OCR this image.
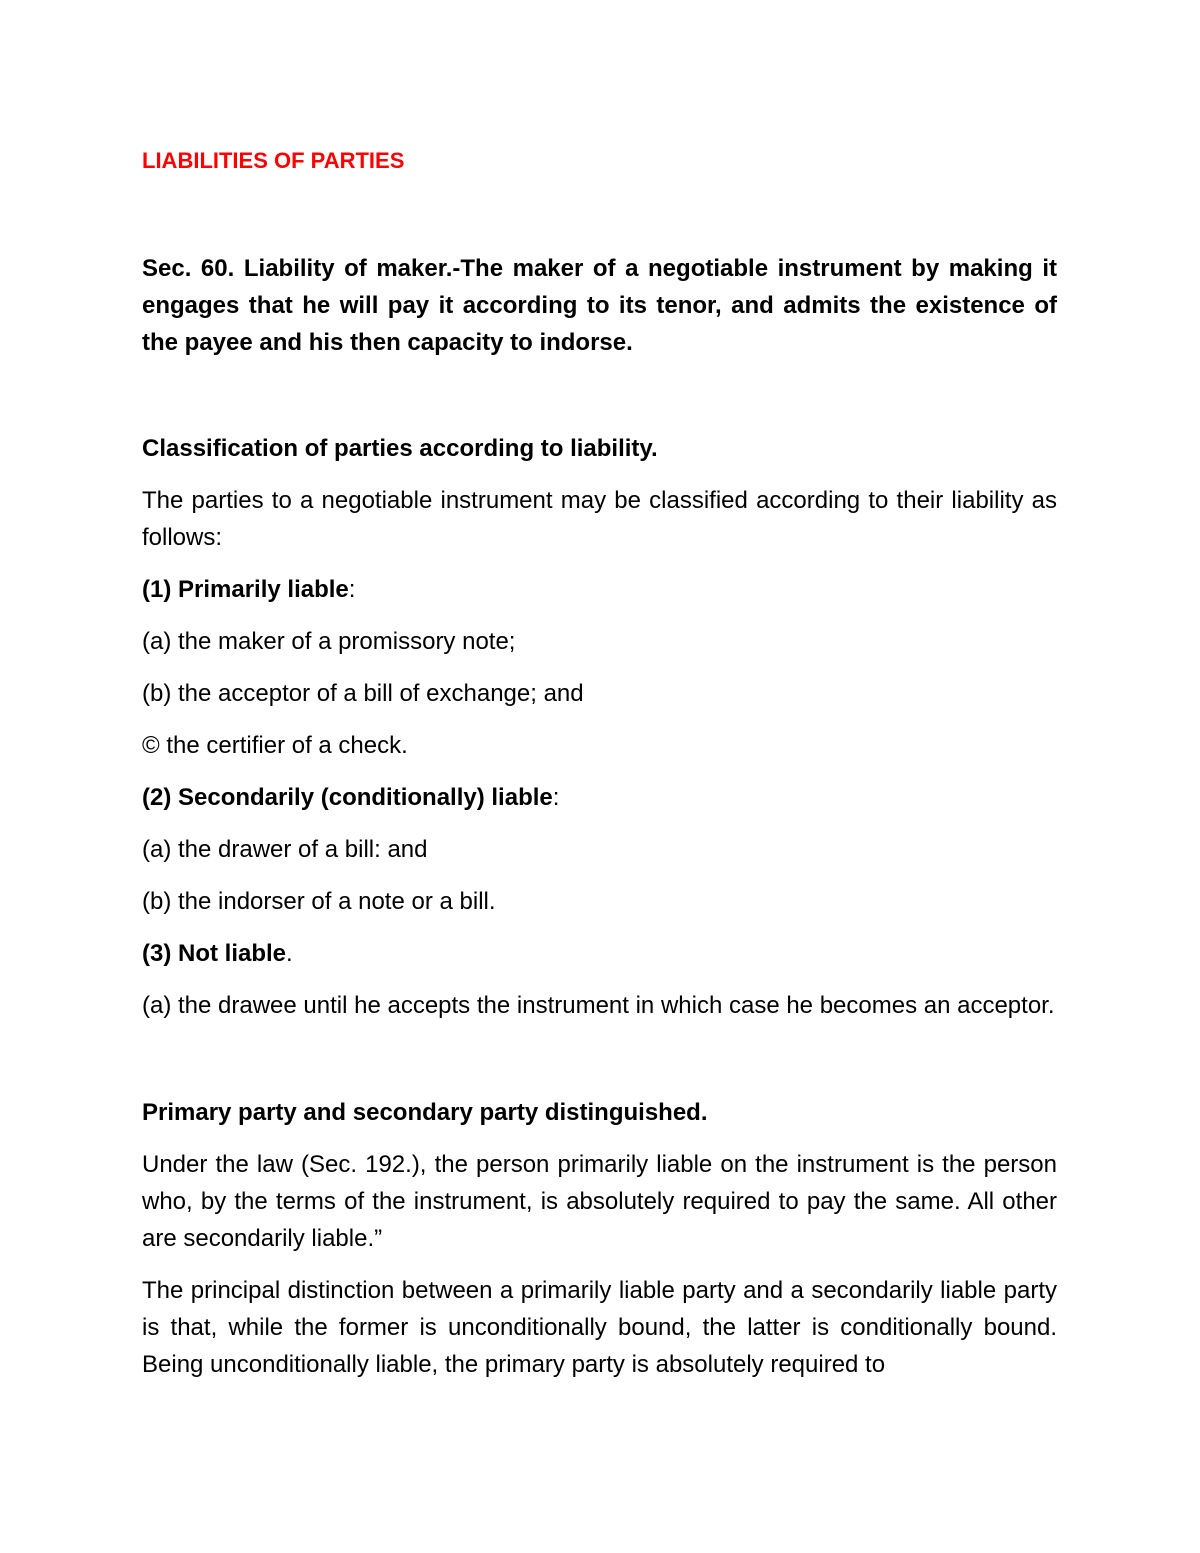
LIABILITIES OF PARTIES

Sec. 60. Liability of maker.-The maker of a negotiable instrument by making it engages that he will pay it according to its tenor, and admits the existence of the payee and his then capacity to indorse.

Classification of parties according to liability.

The parties to a negotiable instrument may be classified according to their liability as follows:

(1) Primarily liable:

(a) the maker of a promissory note;

(b) the acceptor of a bill of exchange; and

© the certifier of a check.

(2) Secondarily (conditionally) liable:

(a) the drawer of a bill: and

(b) the indorser of a note or a bill.

(3) Not liable.

(a) the drawee until he accepts the instrument in which case he becomes an acceptor.

Primary party and secondary party distinguished.

Under the law (Sec. 192.), the person primarily liable on the instrument is the person who, by the terms of the instrument, is absolutely required to pay the same. All other are secondarily liable.”

The principal distinction between a primarily liable party and a secondarily liable party is that, while the former is unconditionally bound, the latter is conditionally bound. Being unconditionally liable, the primary party is absolutely required to
